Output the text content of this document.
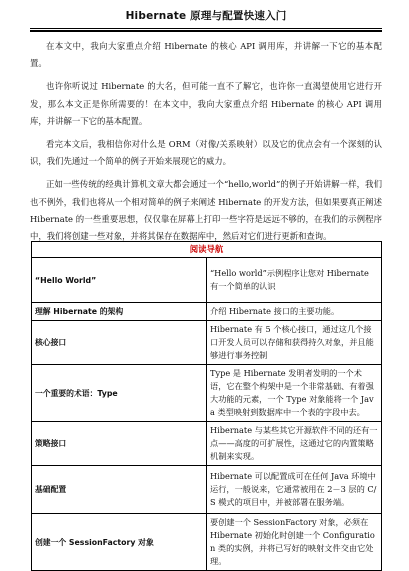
Hibernate 原理与配置快速入门

在本文中，我向大家重点介绍 Hibernate 的核心 API 调用库，并讲解一下它的基本配置。

也许你听说过 Hibernate 的大名，但可能一直不了解它，也许你一直渴望使用它进行开发，那么本文正是你所需要的！在本文中，我向大家重点介绍 Hibernate 的核心 API 调用库，并讲解一下它的基本配置。

看完本文后，我相信你对什么是 ORM（对像/关系映射）以及它的优点会有一个深刻的认识，我们先通过一个简单的例子开始来展现它的威力。

正如一些传统的经典计算机文章大都会通过一个“hello,world”的例子开始讲解一样，我们也不例外，我们也将从一个相对简单的例子来阐述 Hibernate 的开发方法，但如果要真正阐述 Hibernate 的一些重要思想，仅仅靠在屏幕上打印一些字符是远远不够的，在我们的示例程序中，我们将创建一些对象，并将其保存在数据库中，然后对它们进行更新和查询。

阅读导航	
“Hello World”	“Hello world”示例程序让您对 Hibernate 有一个简单的认识
理解 Hibernate 的架构	介绍 Hibernate 接口的主要功能。
核心接口	Hibernate 有 5 个核心接口，通过这几个接口开发人员可以存储和获得持久对象，并且能够进行事务控制
一个重要的术语：Type	Type 是 Hibernate 发明者发明的一个术语，它在整个构架中是一个非常基础、有着强大功能的元素，一个 Type 对象能将一个 Java 类型映射到数据库中一个表的字段中去。
策略接口	Hibernate 与某些其它开源软件不同的还有一点——高度的可扩展性，这通过它的内置策略机制来实现。
基础配置	Hibernate 可以配置成可在任何 Java 环境中运行，一般说来，它通常被用在 2－3 层的 C/S 模式的项目中，并被部署在服务端。
创建一个 SessionFactory 对象	要创建一个 SessionFactory 对象，必须在 Hibernate 初始化时创建一个 Configuration 类的实例，并将已写好的映射文件交由它处理。
